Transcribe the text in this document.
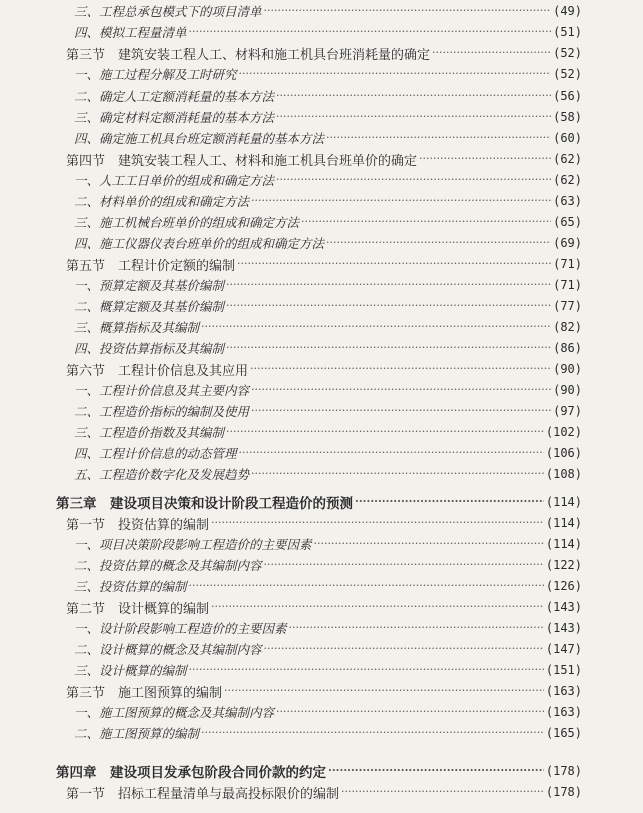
三、工程总承包模式下的项目清单 ·····	(49)
四、模拟工程量清单 ·····	(51)
第三节　建筑安装工程人工、材料和施工机具台班消耗量的确定 ·····	(52)
一、施工过程分解及工时研究 ·····	(52)
二、确定人工定额消耗量的基本方法 ·····	(56)
三、确定材料定额消耗量的基本方法 ·····	(58)
四、确定施工机具台班定额消耗量的基本方法 ·····	(60)
第四节　建筑安装工程人工、材料和施工机具台班单价的确定 ·····	(62)
一、人工工日单价的组成和确定方法 ·····	(62)
二、材料单价的组成和确定方法 ·····	(63)
三、施工机械台班单价的组成和确定方法 ·····	(65)
四、施工仪器仪表台班单价的组成和确定方法 ·····	(69)
第五节　工程计价定额的编制 ·····	(71)
一、预算定额及其基价编制 ·····	(71)
二、概算定额及其基价编制 ·····	(77)
三、概算指标及其编制 ·····	(82)
四、投资估算指标及其编制 ·····	(86)
第六节　工程计价信息及其应用 ·····	(90)
一、工程计价信息及其主要内容 ·····	(90)
二、工程造价指标的编制及使用 ·····	(97)
三、工程造价指数及其编制 ·····	(102)
四、工程计价信息的动态管理 ·····	(106)
五、工程造价数字化及发展趋势 ·····	(108)
第三章　建设项目决策和设计阶段工程造价的预测 ·····	(114)
第一节　投资估算的编制 ·····	(114)
一、项目决策阶段影响工程造价的主要因素 ·····	(114)
二、投资估算的概念及其编制内容 ·····	(122)
三、投资估算的编制 ·····	(126)
第二节　设计概算的编制 ·····	(143)
一、设计阶段影响工程造价的主要因素 ·····	(143)
二、设计概算的概念及其编制内容 ·····	(147)
三、设计概算的编制 ·····	(151)
第三节　施工图预算的编制 ·····	(163)
一、施工图预算的概念及其编制内容 ·····	(163)
二、施工图预算的编制 ·····	(165)
第四章　建设项目发承包阶段合同价款的约定 ·····	(178)
第一节　招标工程量清单与最高投标限价的编制 ·····	(178)
